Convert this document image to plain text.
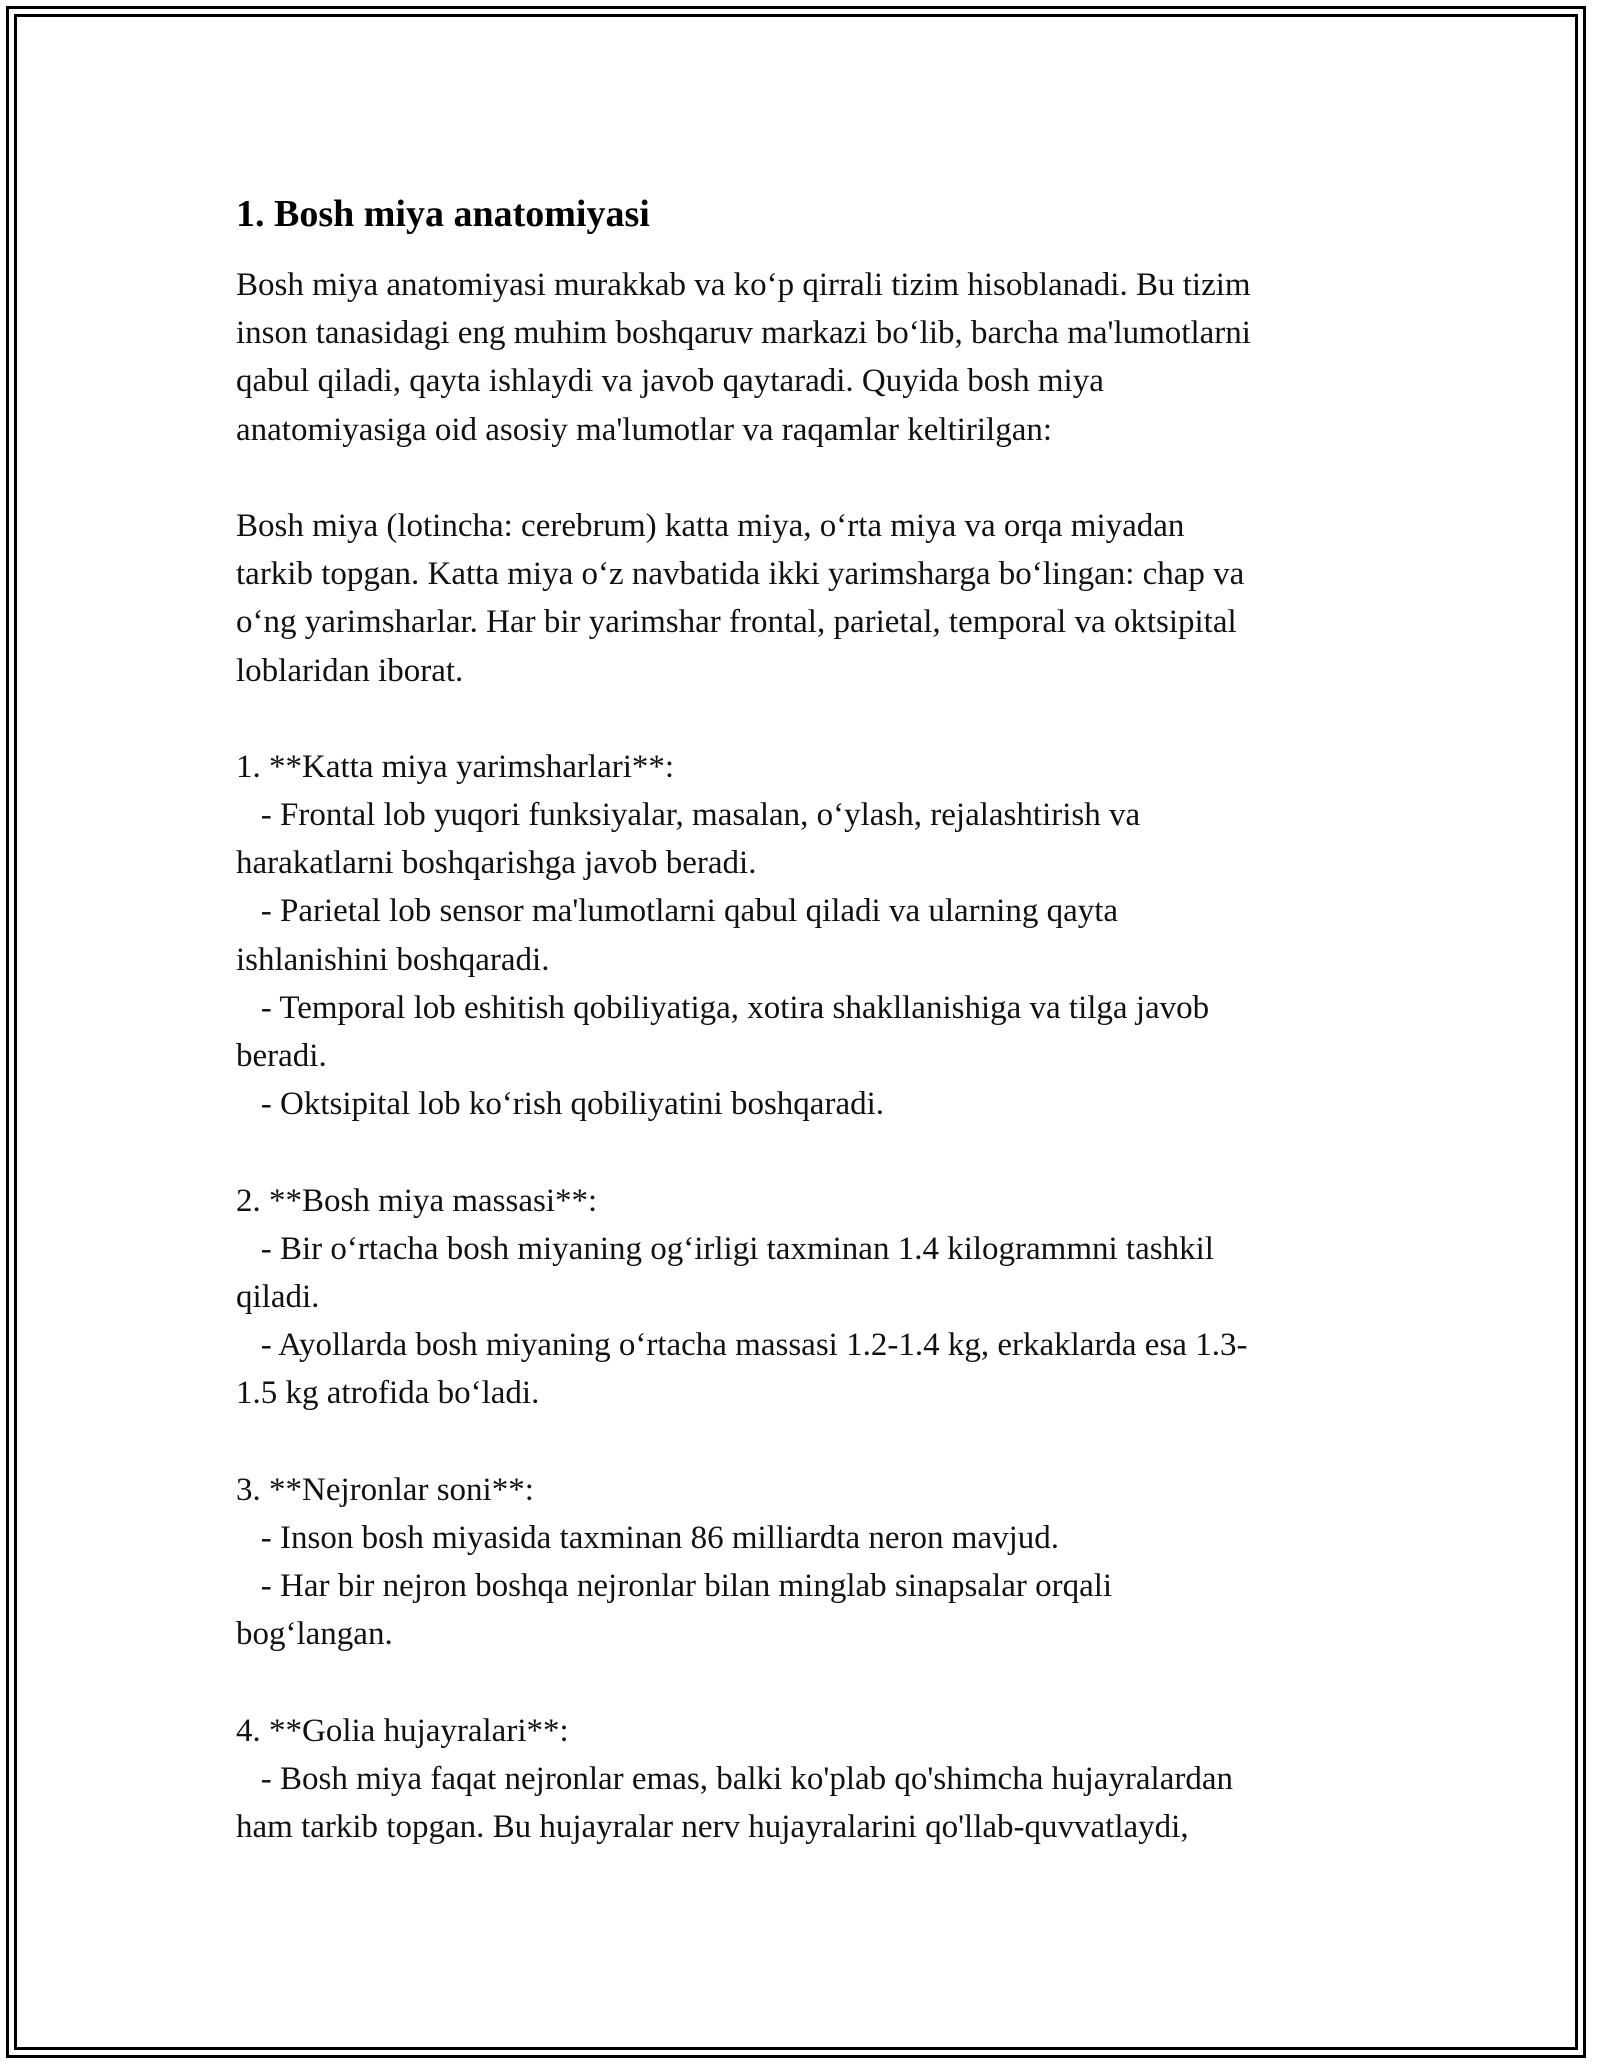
1. Bosh miya anatomiyasi
Bosh miya anatomiyasi murakkab va ko‘p qirrali tizim hisoblanadi. Bu tizim
inson tanasidagi eng muhim boshqaruv markazi bo‘lib, barcha ma'lumotlarni
qabul qiladi, qayta ishlaydi va javob qaytaradi. Quyida bosh miya
anatomiyasiga oid asosiy ma'lumotlar va raqamlar keltirilgan:
Bosh miya (lotincha: cerebrum) katta miya, o‘rta miya va orqa miyadan
tarkib topgan. Katta miya o‘z navbatida ikki yarimsharga bo‘lingan: chap va
o‘ng yarimsharlar. Har bir yarimshar frontal, parietal, temporal va oktsipital
loblaridan iborat.
1. **Katta miya yarimsharlari**:
- Frontal lob yuqori funksiyalar, masalan, o‘ylash, rejalashtirish va
harakatlarni boshqarishga javob beradi.
- Parietal lob sensor ma'lumotlarni qabul qiladi va ularning qayta
ishlanishini boshqaradi.
- Temporal lob eshitish qobiliyatiga, xotira shakllanishiga va tilga javob
beradi.
- Oktsipital lob ko‘rish qobiliyatini boshqaradi.
2. **Bosh miya massasi**:
- Bir o‘rtacha bosh miyaning og‘irligi taxminan 1.4 kilogrammni tashkil
qiladi.
- Ayollarda bosh miyaning o‘rtacha massasi 1.2-1.4 kg, erkaklarda esa 1.3-
1.5 kg atrofida bo‘ladi.
3. **Nejronlar soni**:
- Inson bosh miyasida taxminan 86 milliardta neron mavjud.
- Har bir nejron boshqa nejronlar bilan minglab sinapsalar orqali
bog‘langan.
4. **Golia hujayralari**:
- Bosh miya faqat nejronlar emas, balki ko'plab qo'shimcha hujayralardan
ham tarkib topgan. Bu hujayralar nerv hujayralarini qo'llab-quvvatlaydi,
